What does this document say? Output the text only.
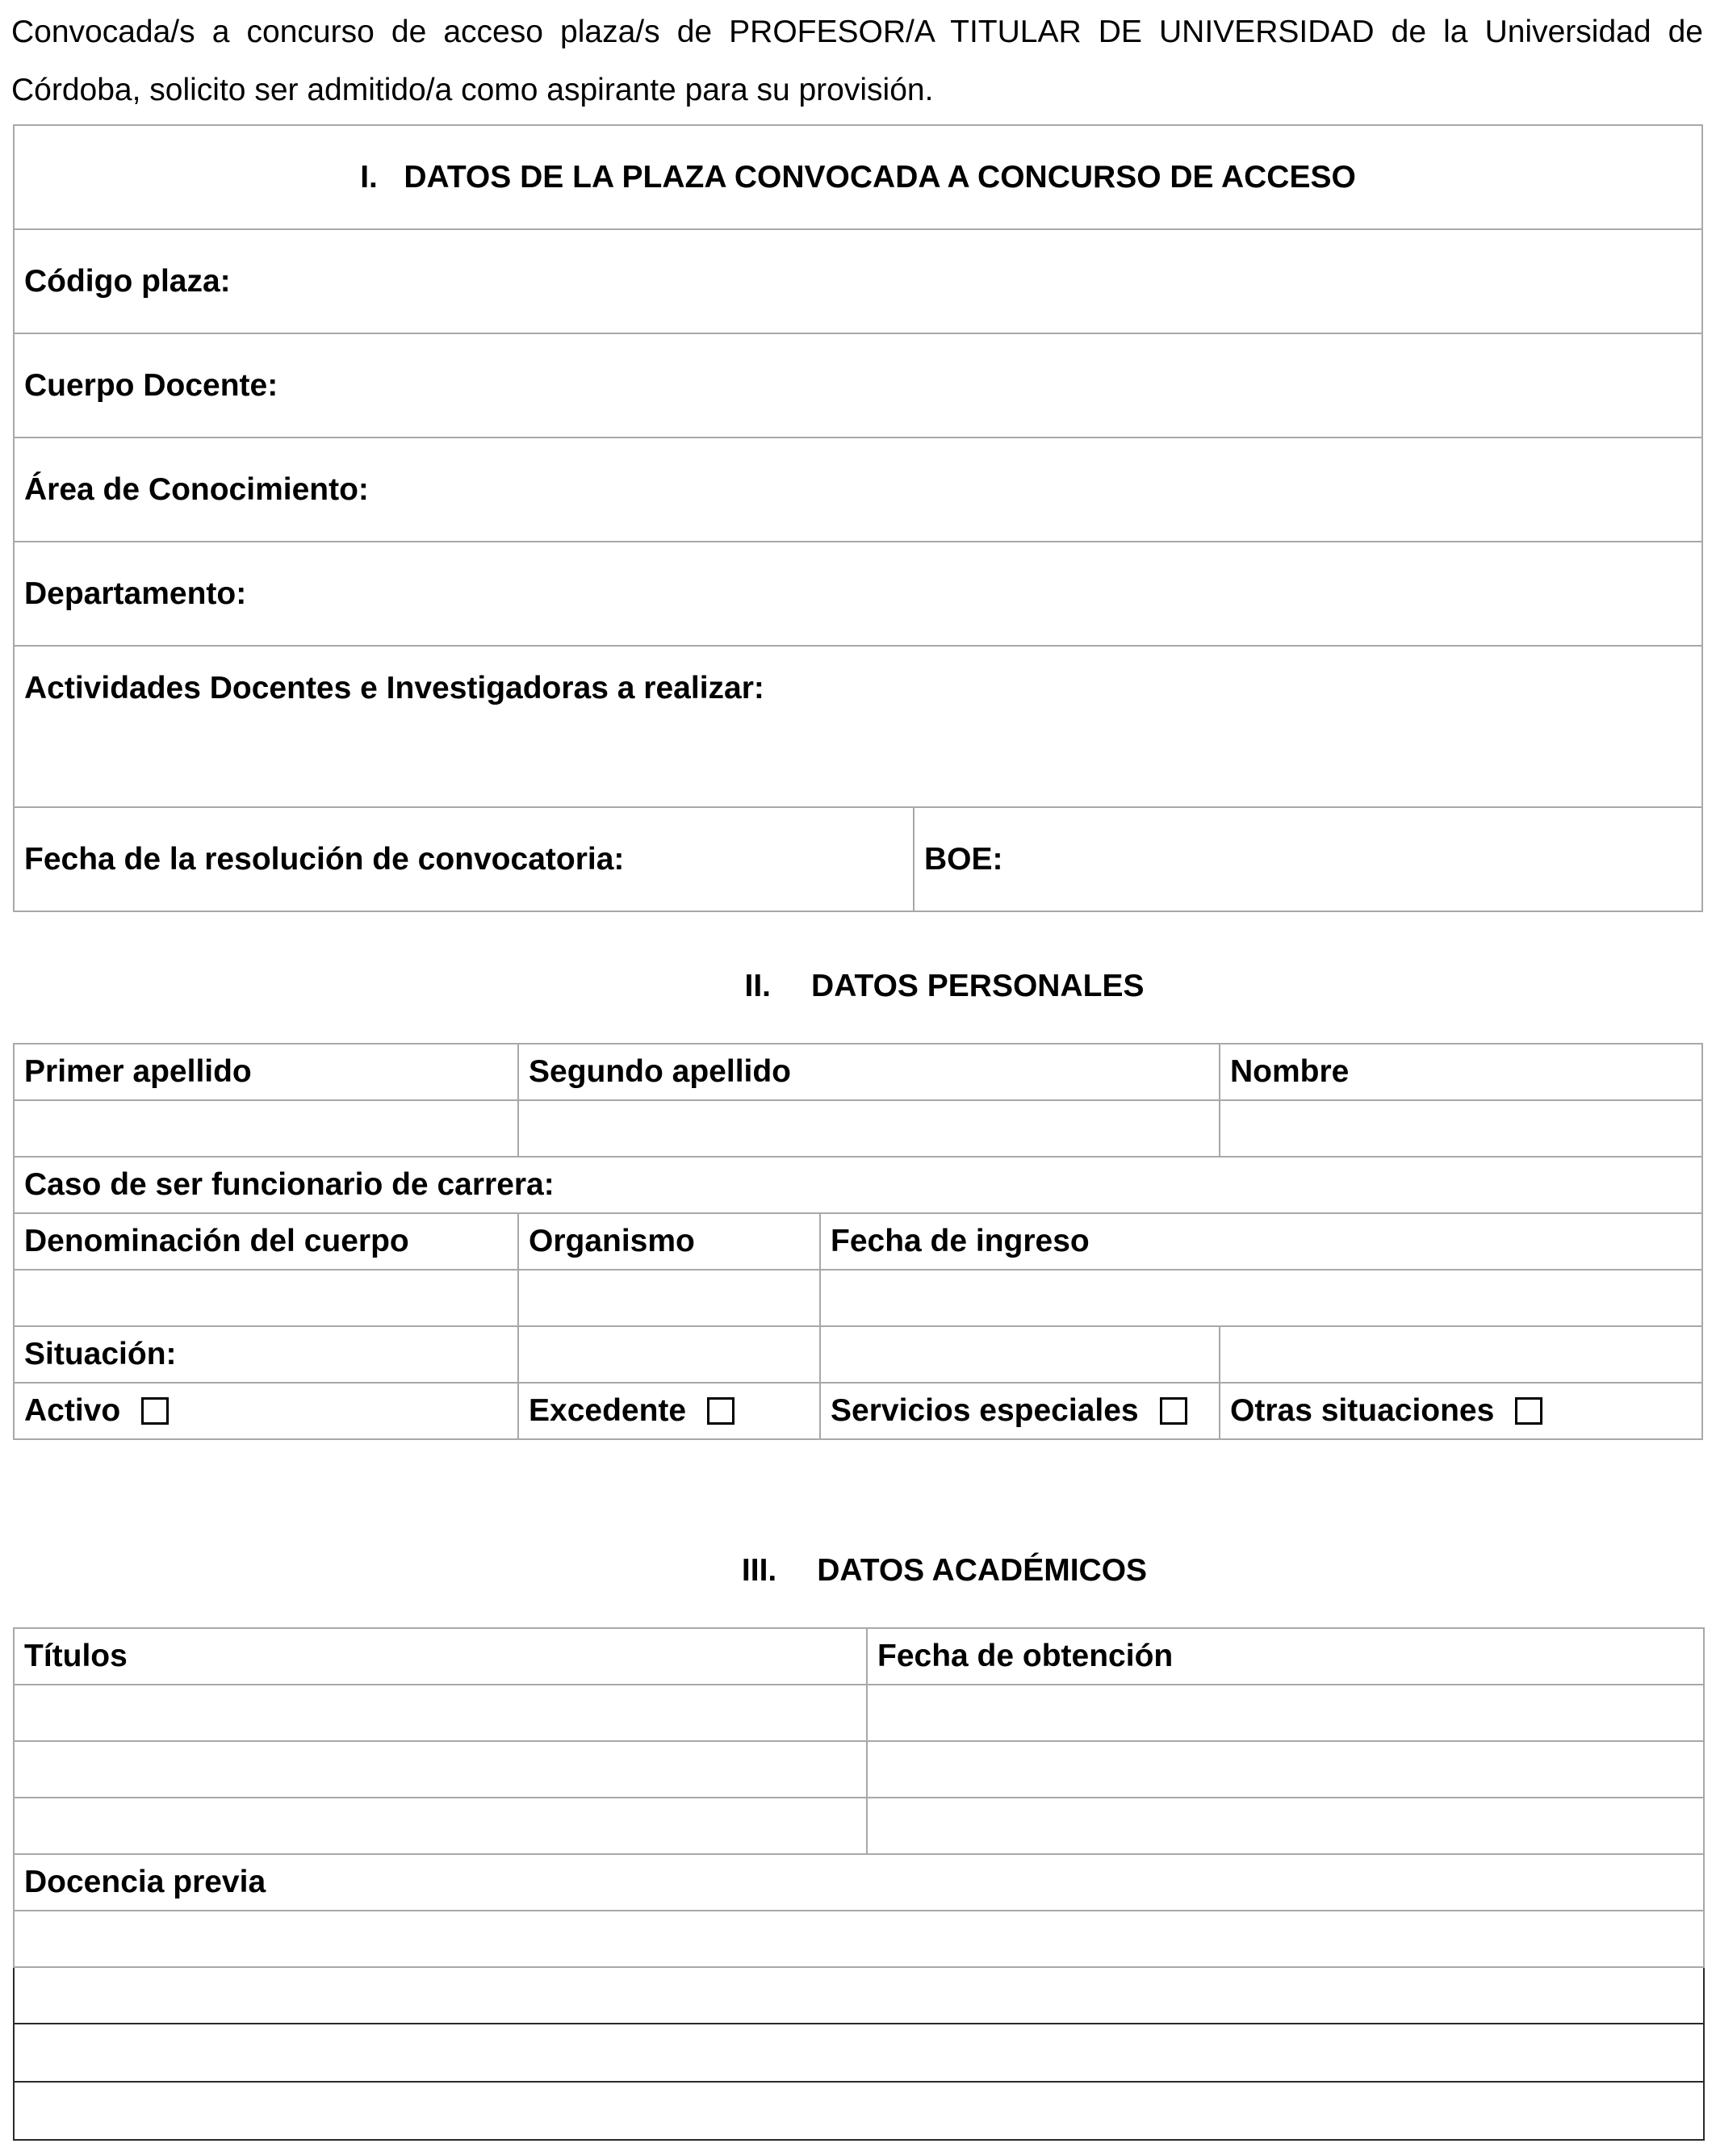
Convocada/s a concurso de acceso plaza/s de PROFESOR/A TITULAR DE UNIVERSIDAD de la Universidad de Córdoba, solicito ser admitido/a como aspirante para su provisión.

I.   DATOS DE LA PLAZA CONVOCADA A CONCURSO DE ACCESO
Código plaza:
Cuerpo Docente:
Área de Conocimiento:
Departamento:
Actividades Docentes e Investigadoras a realizar:
Fecha de la resolución de convocatoria:	BOE:
II. DATOS PERSONALES
Primer apellido	Segundo apellido		Nombre

Caso de ser funcionario de carrera:			
Denominación del cuerpo	Organismo	Fecha de ingreso	

Situación:			
Activo	Excedente	Servicios especiales	Otras situaciones
III. DATOS ACADÉMICOS
Títulos	Fecha de obtención

Docencia previa	
